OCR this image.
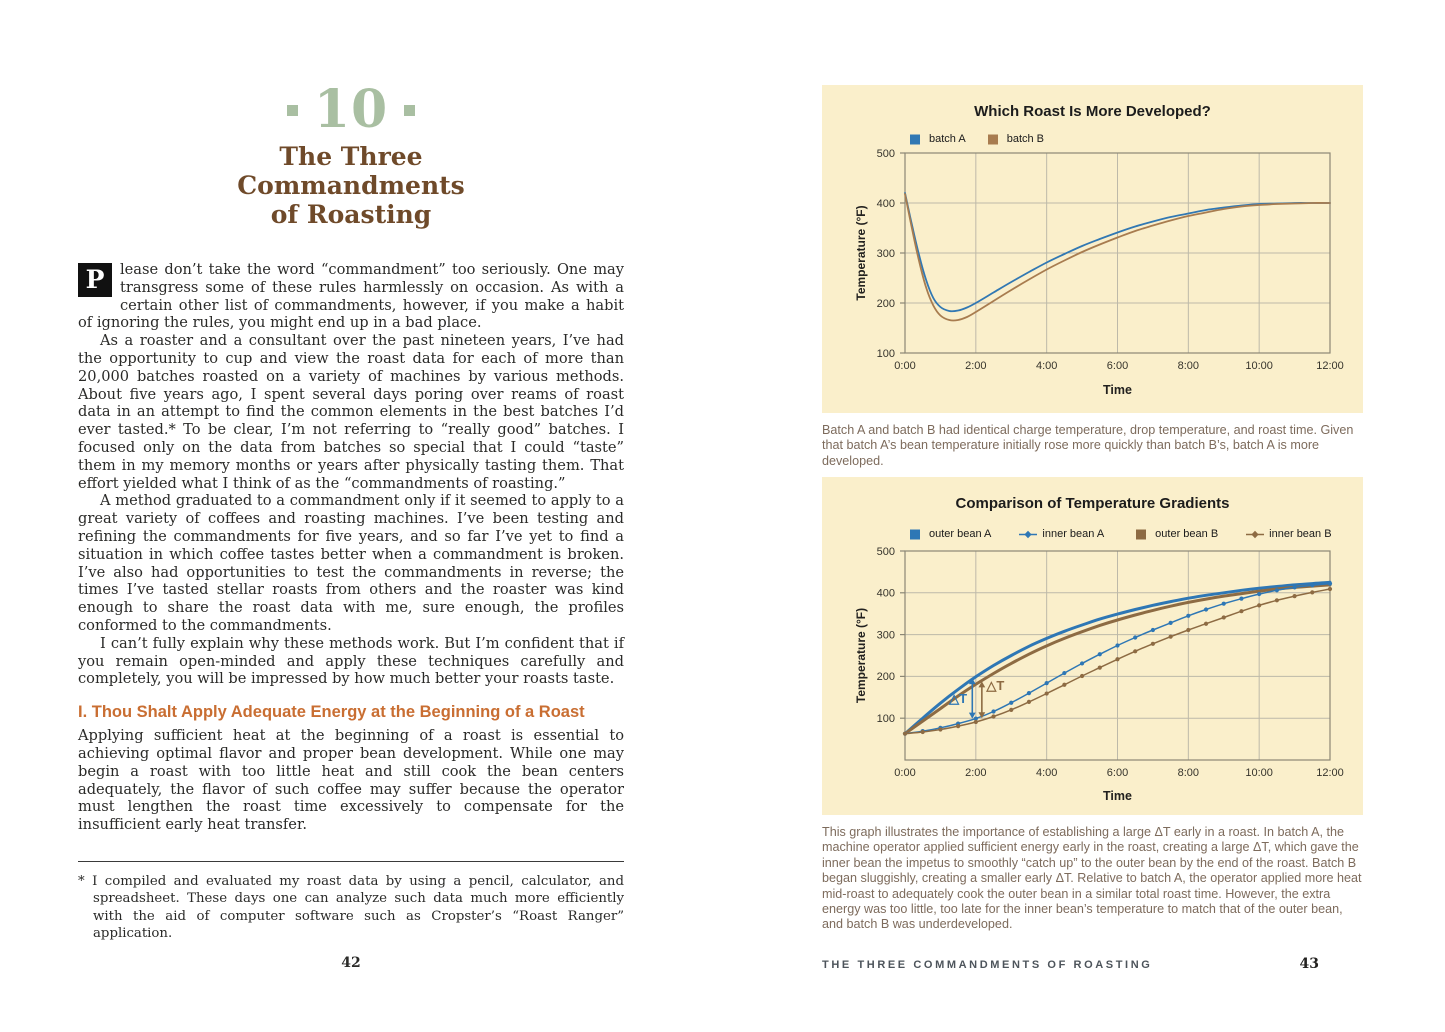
10
The Three
Commandments
of Roasting

P	lease don’t take the word “commandment” too seriously. One may transgress some of these rules harmlessly on occasion. As with a certain other list of commandments, however, if you make a habit of ignoring the rules, you might end up in a bad place.

As a roaster and a consultant over the past nineteen years, I’ve had the opportunity to cup and view the roast data for each of more than 20,000 batches roasted on a variety of machines by various methods. About five years ago, I spent several days poring over reams of roast data in an attempt to find the common elements in the best batches I’d ever tasted.* To be clear, I’m not referring to “really good” batches. I focused only on the data from batches so special that I could “taste” them in my memory months or years after physically tasting them. That effort yielded what I think of as the “commandments of roasting.”

A method graduated to a commandment only if it seemed to apply to a great variety of coffees and roasting machines. I’ve been testing and refining the commandments for five years, and so far I’ve yet to find a situation in which coffee tastes better when a commandment is broken. I’ve also had opportunities to test the commandments in reverse; the times I’ve tasted stellar roasts from others and the roaster was kind enough to share the roast data with me, sure enough, the profiles conformed to the commandments.

I can’t fully explain why these methods work. But I’m confident that if you remain open-minded and apply these techniques carefully and completely, you will be impressed by how much better your roasts taste.

I. Thou Shalt Apply Adequate Energy at the Beginning of a Roast

Applying sufficient heat at the beginning of a roast is essential to achieving optimal flavor and proper bean development. While one may begin a roast with too little heat and still cook the bean centers adequately, the flavor of such coffee may suffer because the operator must lengthen the roast time excessively to compensate for the insufficient early heat transfer.

* I compiled and evaluated my roast data by using a pencil, calculator, and spreadsheet. These days one can analyze such data much more efficiently with the aid of computer software such as Cropster’s “Roast Ranger” application.

42
Which Roast Is More Developed?
batch A	batch B
500
400
300
200
100
0:00	2:00	4:00	6:00	8:00	10:00	12:00
Time
Temperature (°F)

Batch A and batch B had identical charge temperature, drop temperature, and roast time. Given that batch A’s bean temperature initially rose more quickly than batch B’s, batch A is more developed.

Comparison of Temperature Gradients
outer bean A	inner bean A	outer bean B	inner bean B
△T
△T
500
400
300
200
100
0:00	2:00	4:00	6:00	8:00	10:00	12:00
Time
Temperature (°F)

This graph illustrates the importance of establishing a large ΔT early in a roast. In batch A, the machine operator applied sufficient energy early in the roast, creating a large ΔT, which gave the inner bean the impetus to smoothly “catch up” to the outer bean by the end of the roast. Batch B began sluggishly, creating a smaller early ΔT. Relative to batch A, the operator applied more heat mid-roast to adequately cook the outer bean in a similar total roast time. However, the extra energy was too little, too late for the inner bean’s temperature to match that of the outer bean, and batch B was underdeveloped.

THE THREE COMMANDMENTS OF ROASTING	43
